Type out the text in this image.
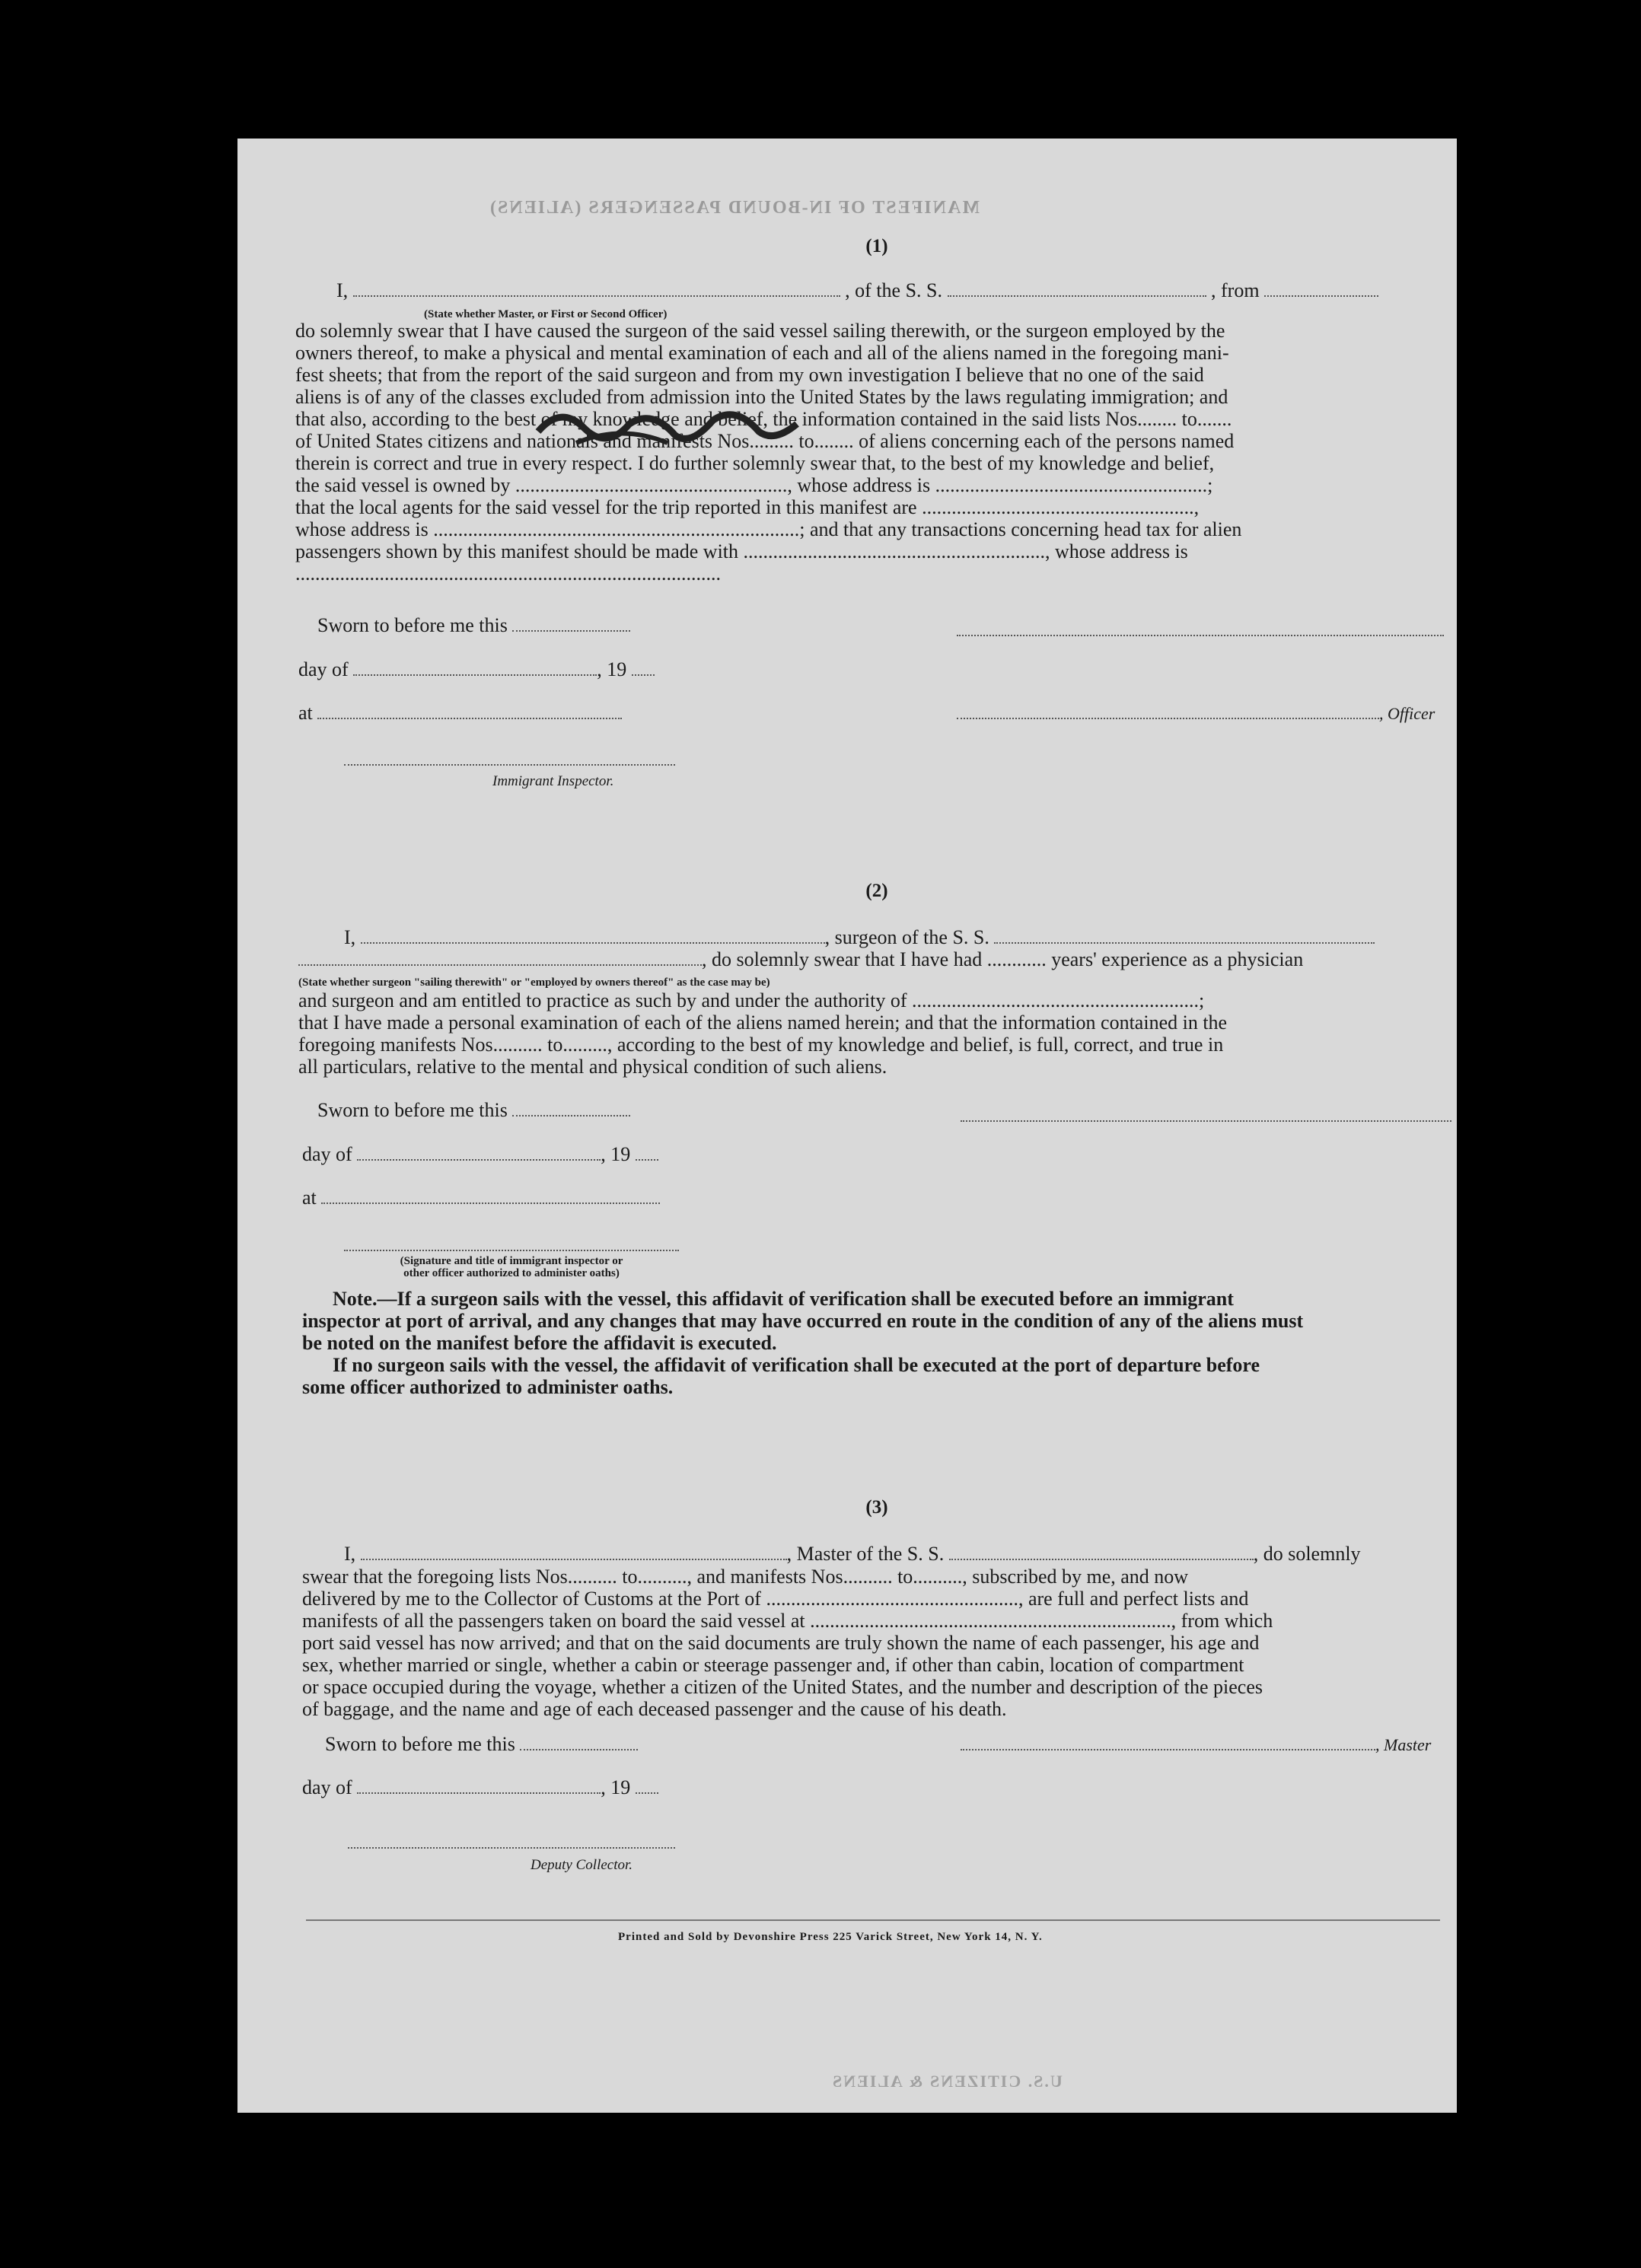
MANIFEST OF IN-BOUND PASSENGERS (ALIENS)
U.S. CITIZENS & ALIENS
(1)
I,	, of the S. S.	, from
(State whether Master, or First or Second Officer)

do solemnly swear that I have caused the surgeon of the said vessel sailing therewith, or the surgeon employed by the

owners thereof, to make a physical and mental examination of each and all of the aliens named in the foregoing mani-

fest sheets; that from the report of the said surgeon and from my own investigation I believe that no one of the said

aliens is of any of the classes excluded from admission into the United States by the laws regulating immigration; and

that also, according to the best of my knowledge and belief, the information contained in the said lists Nos........ to.......

of United States citizens and nationals and manifests Nos......... to........ of aliens concerning each of the persons named

therein is correct and true in every respect. I do further solemnly swear that, to the best of my knowledge and belief,

the said vessel is owned by ......................................................., whose address is .......................................................;

that the local agents for the said vessel for the trip reported in this manifest are .......................................................,

whose address is ..........................................................................; and that any transactions concerning head tax for alien

passengers shown by this manifest should be made with ............................................................., whose address is

......................................................................................

Sworn to before me this
day of	, 19
at	, Officer
Immigrant Inspector.
(2)
I,	, surgeon of the S. S.
, do solemnly swear that I have had ............ years' experience as a physician
(State whether surgeon "sailing therewith" or "employed by owners thereof" as the case may be)

and surgeon and am entitled to practice as such by and under the authority of ..........................................................;

that I have made a personal examination of each of the aliens named herein; and that the information contained in the

foregoing manifests Nos.......... to........., according to the best of my knowledge and belief, is full, correct, and true in

all particulars, relative to the mental and physical condition of such aliens.

Sworn to before me this
day of	, 19
at
(Signature and title of immigrant inspector or
other officer authorized to administer oaths)

Note.—If a surgeon sails with the vessel, this affidavit of verification shall be executed before an immigrant

inspector at port of arrival, and any changes that may have occurred en route in the condition of any of the aliens must

be noted on the manifest before the affidavit is executed.

If no surgeon sails with the vessel, the affidavit of verification shall be executed at the port of departure before

some officer authorized to administer oaths.

(3)
I,	, Master of the S. S.	, do solemnly

swear that the foregoing lists Nos.......... to.........., and manifests Nos.......... to.........., subscribed by me, and now

delivered by me to the Collector of Customs at the Port of ..................................................., are full and perfect lists and

manifests of all the passengers taken on board the said vessel at ........................................................................., from which

port said vessel has now arrived; and that on the said documents are truly shown the name of each passenger, his age and

sex, whether married or single, whether a cabin or steerage passenger and, if other than cabin, location of compartment

or space occupied during the voyage, whether a citizen of the United States, and the number and description of the pieces

of baggage, and the name and age of each deceased passenger and the cause of his death.

Sworn to before me this	, Master
day of	, 19
Deputy Collector.
Printed and Sold by Devonshire Press 225 Varick Street, New York 14, N. Y.
